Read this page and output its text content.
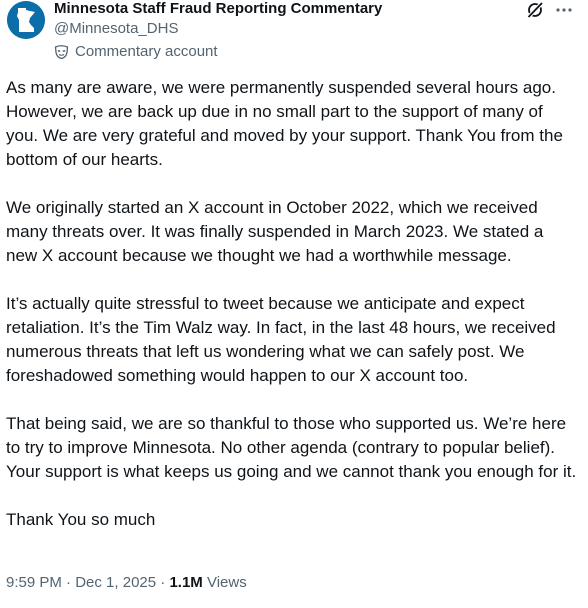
Minnesota Staff Fraud Reporting Commentary
@Minnesota_DHS
Commentary account

As many are aware, we were permanently suspended several hours ago. However, we are back up due in no small part to the support of many of you. We are very grateful and moved by your support. Thank You from the bottom of our hearts.

We originally started an X account in October 2022, which we received many threats over. It was finally suspended in March 2023. We stated a new X account because we thought we had a worthwhile message.

It’s actually quite stressful to tweet because we anticipate and expect retaliation. It’s the Tim Walz way. In fact, in the last 48 hours, we received numerous threats that left us wondering what we can safely post. We foreshadowed something would happen to our X account too.

That being said, we are so thankful to those who supported us. We’re here to try to improve Minnesota. No other agenda (contrary to popular belief). Your support is what keeps us going and we cannot thank you enough for it.

Thank You so much

9:59 PM · Dec 1, 2025 · 1.1M Views
